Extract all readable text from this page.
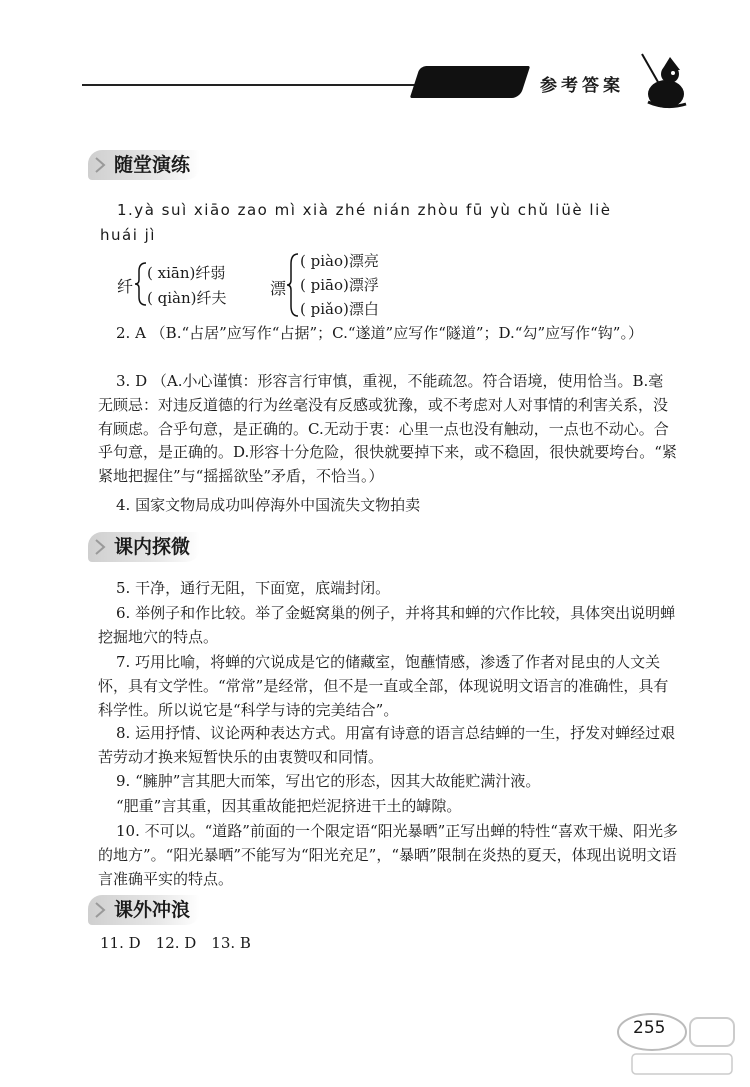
参考答案
随堂演练
1.yà suì xiāo zao mì xià zhé nián zhòu fū yù chǔ lüè liè
huái jì
纤
( xiān)纤弱
( qiàn)纤夫	漂
( piào)漂亮
( piāo)漂浮
( piǎo)漂白
2. A （B.“占居”应写作“占据”；C.“遂道”应写作“隧道”；D.“勾”应写作“钩”。）
3. D （A.小心谨慎：形容言行审慎，重视，不能疏忽。符合语境，使用恰当。B.毫无顾忌：对违反道德的行为丝毫没有反感或犹豫，或不考虑对人对事情的利害关系，没有顾虑。合乎句意，是正确的。C.无动于衷：心里一点也没有触动，一点也不动心。合乎句意，是正确的。D.形容十分危险，很快就要掉下来，或不稳固，很快就要垮台。“紧紧地把握住”与“摇摇欲坠”矛盾，不恰当。）
4. 国家文物局成功叫停海外中国流失文物拍卖
课内探微
5. 干净，通行无阻，下面宽，底端封闭。
6. 举例子和作比较。举了金蜓窝巢的例子，并将其和蝉的穴作比较，具体突出说明蝉挖掘地穴的特点。
7. 巧用比喻，将蝉的穴说成是它的储藏室，饱蘸情感，渗透了作者对昆虫的人文关怀，具有文学性。“常常”是经常，但不是一直或全部，体现说明文语言的准确性，具有科学性。所以说它是“科学与诗的完美结合”。
8. 运用抒情、议论两种表达方式。用富有诗意的语言总结蝉的一生，抒发对蝉经过艰苦劳动才换来短暂快乐的由衷赞叹和同情。
9. “臃肿”言其肥大而笨，写出它的形态，因其大故能贮满汁液。
“肥重”言其重，因其重故能把烂泥挤进干土的罅隙。
10. 不可以。“道路”前面的一个限定语“阳光暴晒”正写出蝉的特性“喜欢干燥、阳光多的地方”。“阳光暴晒”不能写为“阳光充足”，“暴晒”限制在炎热的夏天，体现出说明文语言准确平实的特点。
课外冲浪
11. D　12. D　13. B
255
